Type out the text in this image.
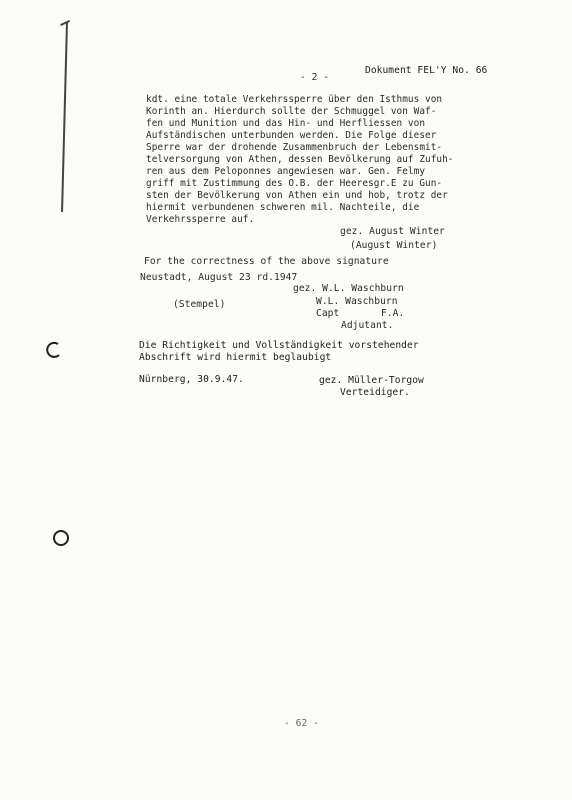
- 2 -
Dokument FEL'Y No. 66
kdt. eine totale Verkehrssperre über den Isthmus von
Korinth an. Hierdurch sollte der Schmuggel von Waf-
fen und Munition und das Hin- und Herfliessen von
Aufständischen unterbunden werden. Die Folge dieser
Sperre war der drohende Zusammenbruch der Lebensmit-
telversorgung von Athen, dessen Bevölkerung auf Zufuh-
ren aus dem Peloponnes angewiesen war. Gen. Felmy
griff mit Zustimmung des O.B. der Heeresgr.E zu Gun-
sten der Bevölkerung von Athen ein und hob, trotz der
hiermit verbundenen schweren mil. Nachteile, die
Verkehrssperre auf.
gez. August Winter
(August Winter)
For the correctness of the above signature
Neustadt, August 23 rd.1947
gez. W.L. Waschburn
W.L. Waschburn
(Stempel)
Capt	F.A.
Adjutant.
Die Richtigkeit und Vollständigkeit vorstehender
Abschrift wird hiermit beglaubigt
Nürnberg, 30.9.47.	gez. Müller-Torgow
Verteidiger.
- 62 -
